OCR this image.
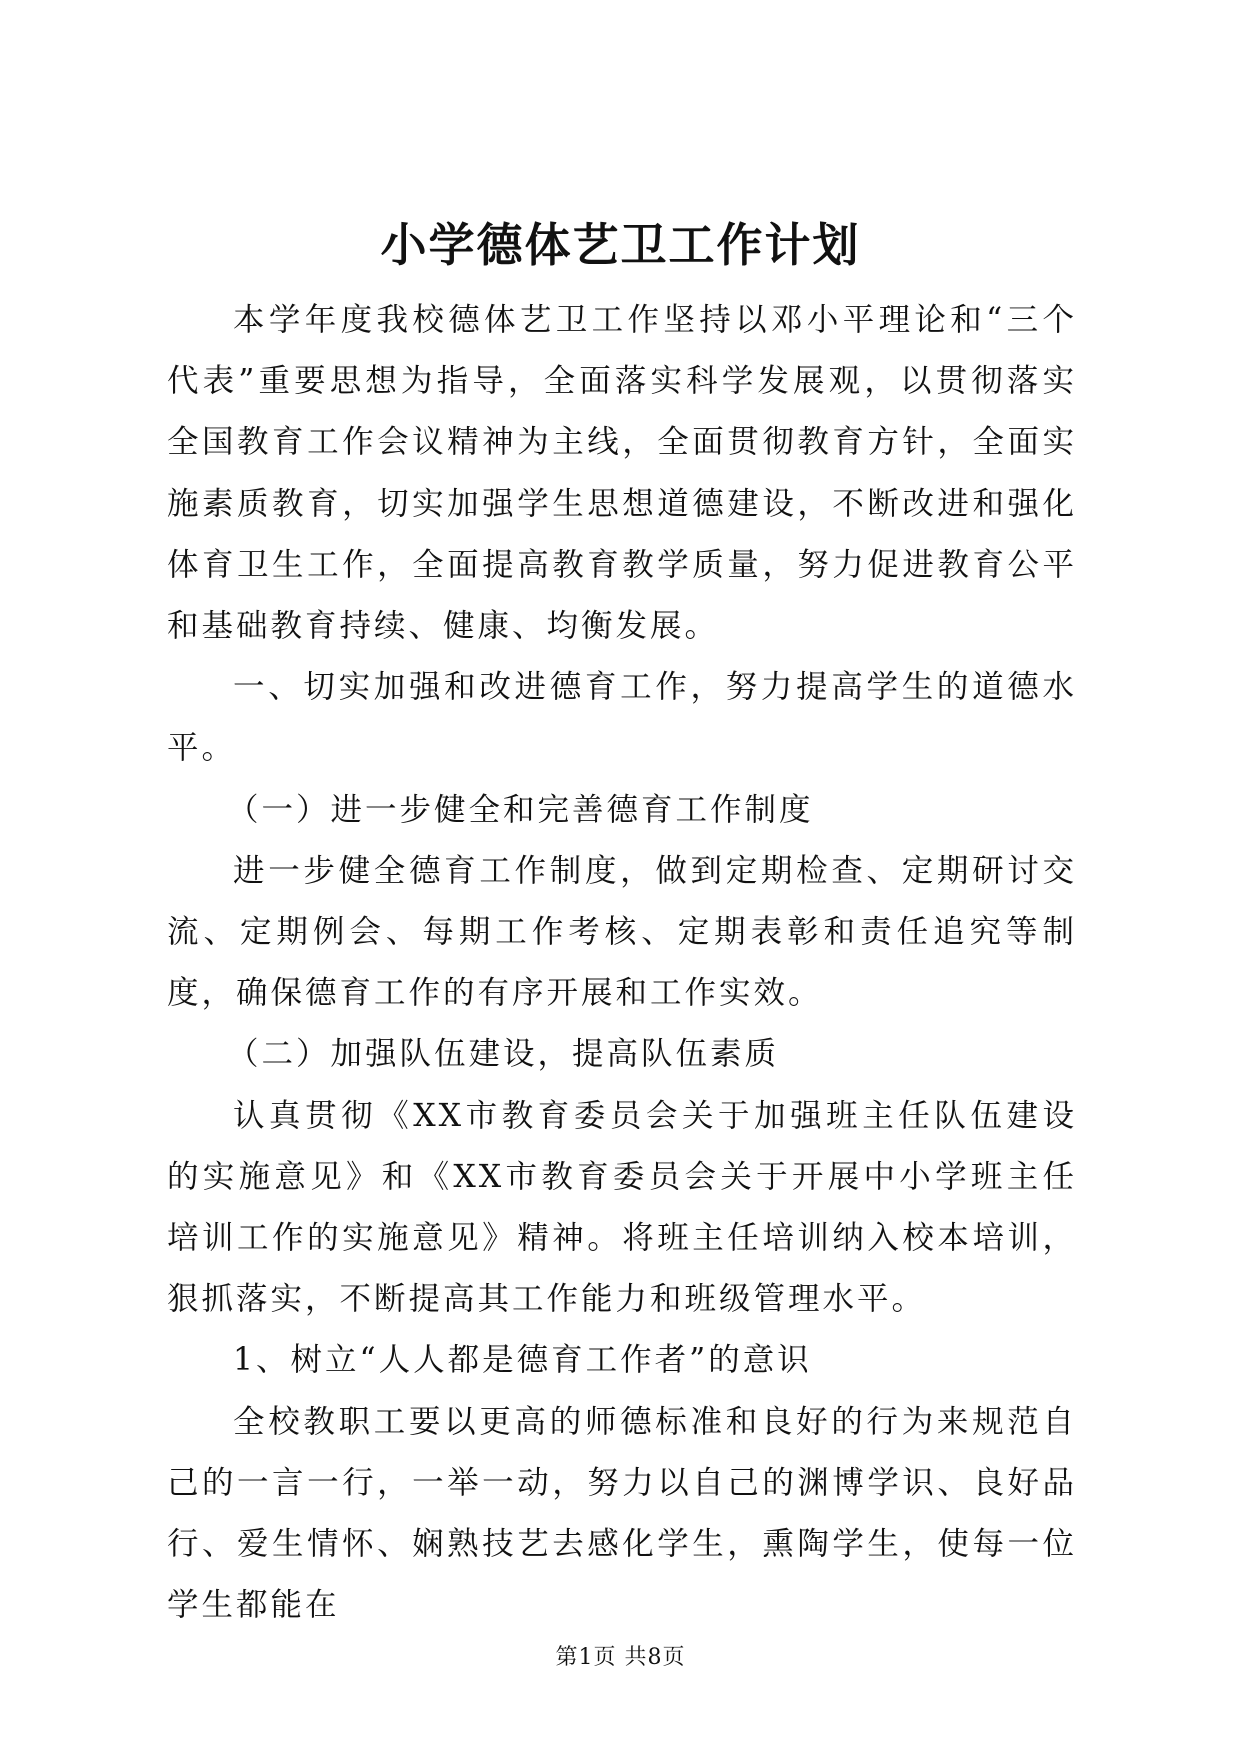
小学德体艺卫工作计划

本学年度我校德体艺卫工作坚持以邓小平理论和“三个代表”重要思想为指导，全面落实科学发展观，以贯彻落实全国教育工作会议精神为主线，全面贯彻教育方针，全面实施素质教育，切实加强学生思想道德建设，不断改进和强化体育卫生工作，全面提高教育教学质量，努力促进教育公平和基础教育持续、健康、均衡发展。

一、切实加强和改进德育工作，努力提高学生的道德水平。

（一）进一步健全和完善德育工作制度

进一步健全德育工作制度，做到定期检查、定期研讨交流、定期例会、每期工作考核、定期表彰和责任追究等制度，确保德育工作的有序开展和工作实效。

（二）加强队伍建设，提高队伍素质

认真贯彻《XX市教育委员会关于加强班主任队伍建设的实施意见》和《XX市教育委员会关于开展中小学班主任培训工作的实施意见》精神。将班主任培训纳入校本培训，狠抓落实，不断提高其工作能力和班级管理水平。

1、树立“人人都是德育工作者”的意识

全校教职工要以更高的师德标准和良好的行为来规范自己的一言一行，一举一动，努力以自己的渊博学识、良好品行、爱生情怀、娴熟技艺去感化学生，熏陶学生，使每一位学生都能在

第1页 共8页
